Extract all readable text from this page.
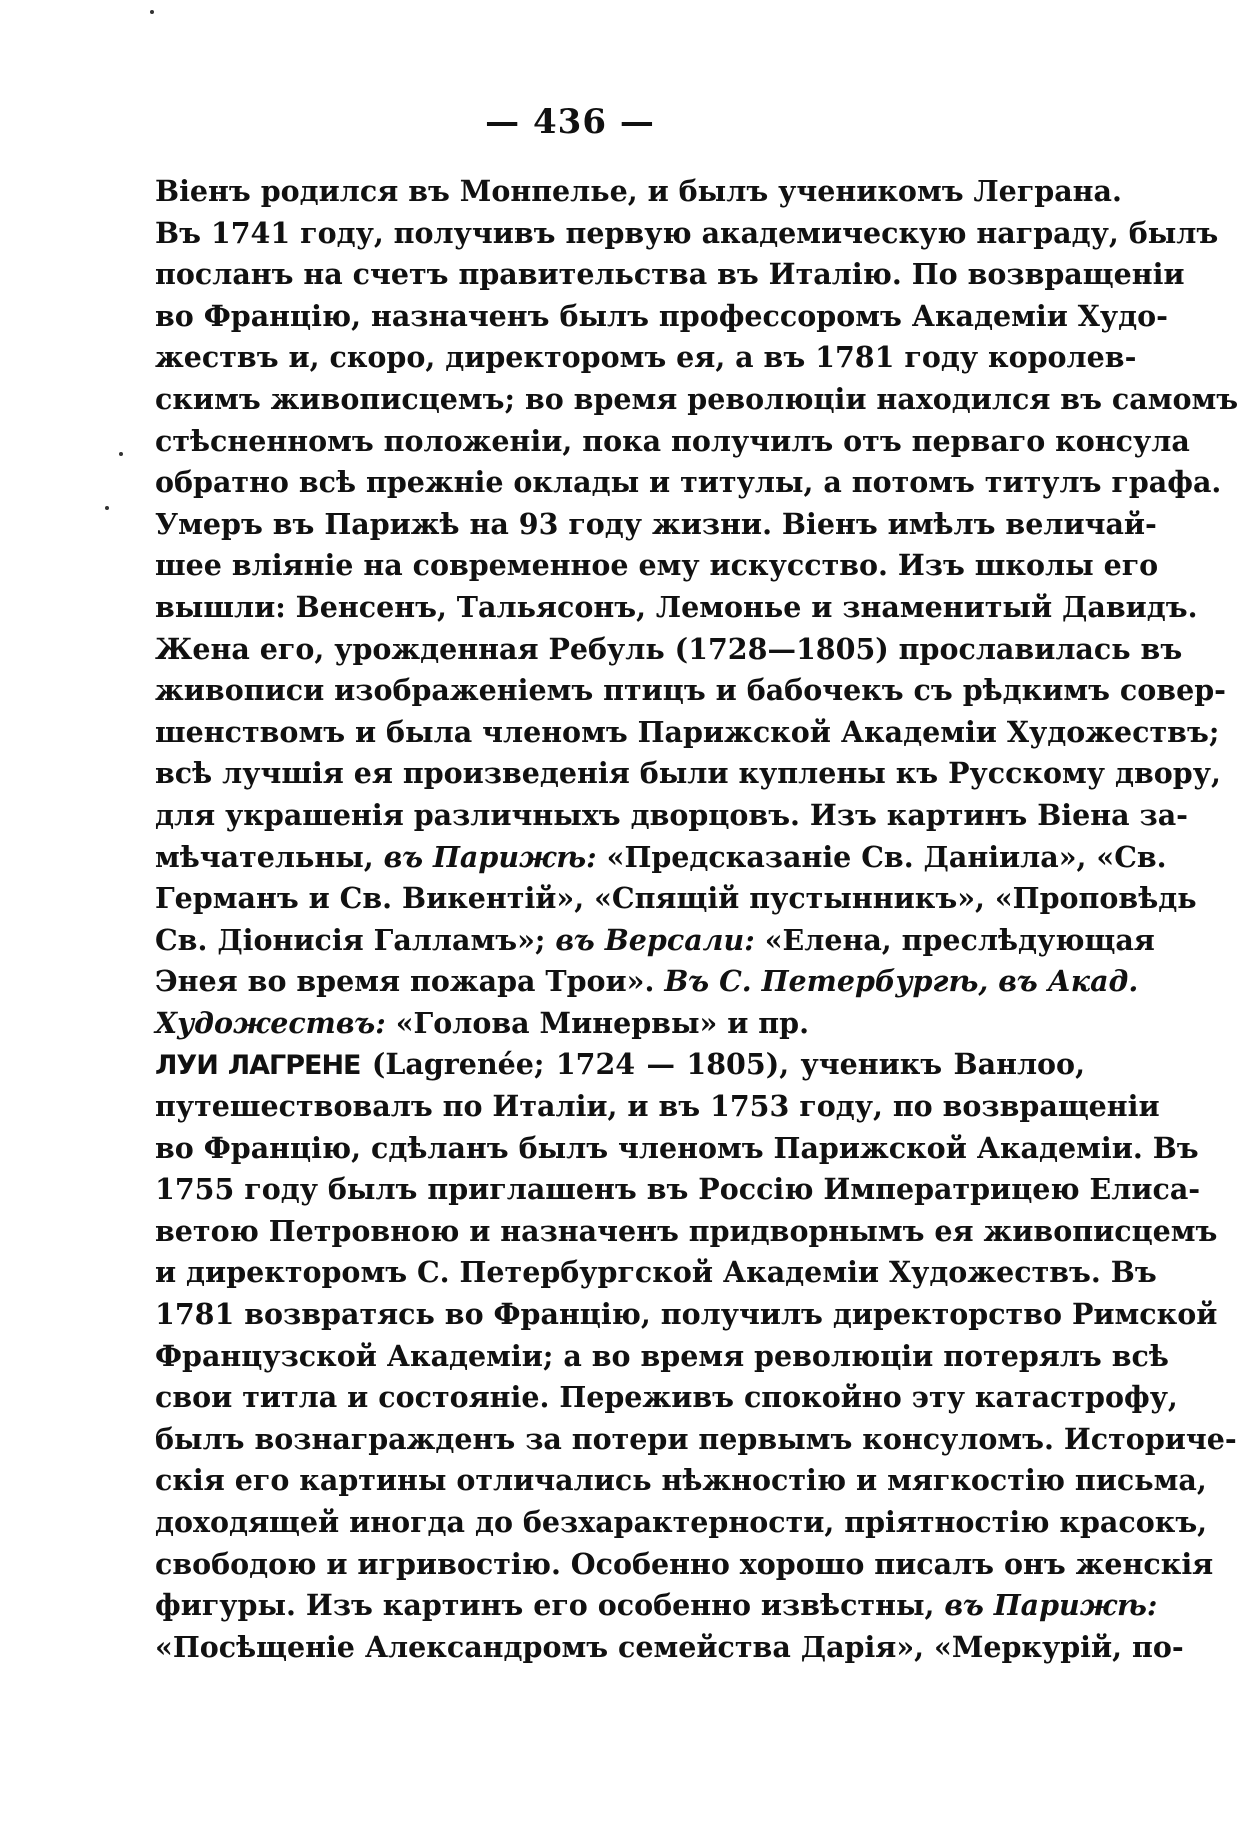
— 436 —
Віенъ родился въ Монпелье, и былъ ученикомъ Леграна.
Въ 1741 году, получивъ первую академическую награду, былъ
посланъ на счетъ правительства въ Италію. По возвращеніи
во Францію, назначенъ былъ профессоромъ Академіи Худо-
жествъ и, скоро, директоромъ ея, а въ 1781 году королев-
скимъ живописцемъ; во время революціи находился въ самомъ
стѣсненномъ положеніи, пока получилъ отъ перваго консула
обратно всѣ прежніе оклады и титулы, а потомъ титулъ графа.
Умеръ въ Парижѣ на 93 году жизни. Віенъ имѣлъ величай-
шее вліяніе на современное ему искусство. Изъ школы его
вышли: Венсенъ, Тальясонъ, Лемонье и знаменитый Давидъ.
Жена его, урожденная Ребуль (1728—1805) прославилась въ
живописи изображеніемъ птицъ и бабочекъ съ рѣдкимъ совер-
шенствомъ и была членомъ Парижской Академіи Художествъ;
всѣ лучшія ея произведенія были куплены къ Русскому двору,
для украшенія различныхъ дворцовъ. Изъ картинъ Віена за-
мѣчательны, въ Парижѣ: «Предсказаніе Св. Даніила», «Св.
Германъ и Св. Викентій», «Спящій пустынникъ», «Проповѣдь
Св. Діонисія Галламъ»; въ Версали: «Елена, преслѣдующая
Энея во время пожара Трои». Въ С. Петербургѣ, въ Акад.
Художествъ: «Голова Минервы» и пр.
ЛУИ ЛАГРЕНЕ (Lagrenée; 1724 — 1805), ученикъ Ванлоо,
путешествовалъ по Италіи, и въ 1753 году, по возвращеніи
во Францію, сдѣланъ былъ членомъ Парижской Академіи. Въ
1755 году былъ приглашенъ въ Россію Императрицею Елиса-
ветою Петровною и назначенъ придворнымъ ея живописцемъ
и директоромъ С. Петербургской Академіи Художествъ. Въ
1781 возвратясь во Францію, получилъ директорство Римской
Французской Академіи; а во время революціи потерялъ всѣ
свои титла и состояніе. Переживъ спокойно эту катастрофу,
былъ вознагражденъ за потери первымъ консуломъ. Историче-
скія его картины отличались нѣжностію и мягкостію письма,
доходящей иногда до безхарактерности, пріятностію красокъ,
свободою и игривостію. Особенно хорошо писалъ онъ женскія
фигуры. Изъ картинъ его особенно извѣстны, въ Парижѣ:
«Посѣщеніе Александромъ семейства Дарія», «Меркурій, по-
